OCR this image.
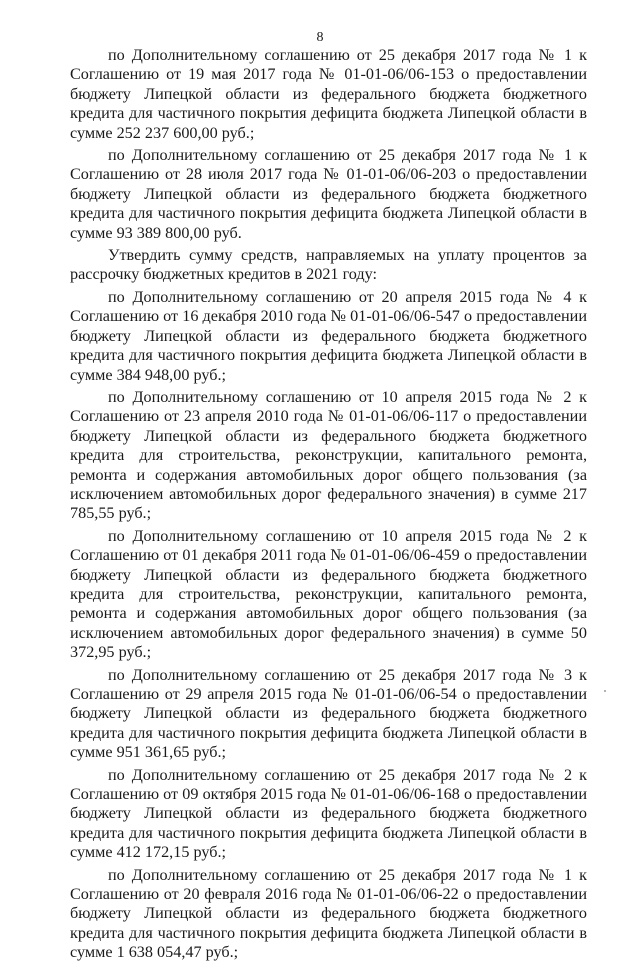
8

по Дополнительному соглашению от 25 декабря 2017 года № 1 к Соглашению от 19 мая 2017 года № 01-01-06/06-153 о предоставлении бюджету Липецкой области из федерального бюджета бюджетного кредита для частичного покрытия дефицита бюджета Липецкой области в сумме 252 237 600,00 руб.;

по Дополнительному соглашению от 25 декабря 2017 года № 1 к Соглашению от 28 июля 2017 года № 01-01-06/06-203 о предоставлении бюджету Липецкой области из федерального бюджета бюджетного кредита для частичного покрытия дефицита бюджета Липецкой области в сумме 93 389 800,00 руб.

Утвердить сумму средств, направляемых на уплату процентов за рассрочку бюджетных кредитов в 2021 году:

по Дополнительному соглашению от 20 апреля 2015 года № 4 к Соглашению от 16 декабря 2010 года № 01-01-06/06-547 о предоставлении бюджету Липецкой области из федерального бюджета бюджетного кредита для частичного покрытия дефицита бюджета Липецкой области в сумме 384 948,00 руб.;

по Дополнительному соглашению от 10 апреля 2015 года № 2 к Соглашению от 23 апреля 2010 года № 01-01-06/06-117 о предоставлении бюджету Липецкой области из федерального бюджета бюджетного кредита для строительства, реконструкции, капитального ремонта, ремонта и содержания автомобильных дорог общего пользования (за исключением автомобильных дорог федерального значения) в сумме 217 785,55 руб.;

по Дополнительному соглашению от 10 апреля 2015 года № 2 к Соглашению от 01 декабря 2011 года № 01-01-06/06-459 о предоставлении бюджету Липецкой области из федерального бюджета бюджетного кредита для строительства, реконструкции, капитального ремонта, ремонта и содержания автомобильных дорог общего пользования (за исключением автомобильных дорог федерального значения) в сумме 50 372,95 руб.;

по Дополнительному соглашению от 25 декабря 2017 года № 3 к Соглашению от 29 апреля 2015 года № 01-01-06/06-54 о предоставлении бюджету Липецкой области из федерального бюджета бюджетного кредита для частичного покрытия дефицита бюджета Липецкой области в сумме 951 361,65 руб.;

по Дополнительному соглашению от 25 декабря 2017 года № 2 к Соглашению от 09 октября 2015 года № 01-01-06/06-168 о предоставлении бюджету Липецкой области из федерального бюджета бюджетного кредита для частичного покрытия дефицита бюджета Липецкой области в сумме 412 172,15 руб.;

по Дополнительному соглашению от 25 декабря 2017 года № 1 к Соглашению от 20 февраля 2016 года № 01-01-06/06-22 о предоставлении бюджету Липецкой области из федерального бюджета бюджетного кредита для частичного покрытия дефицита бюджета Липецкой области в сумме 1 638 054,47 руб.;
